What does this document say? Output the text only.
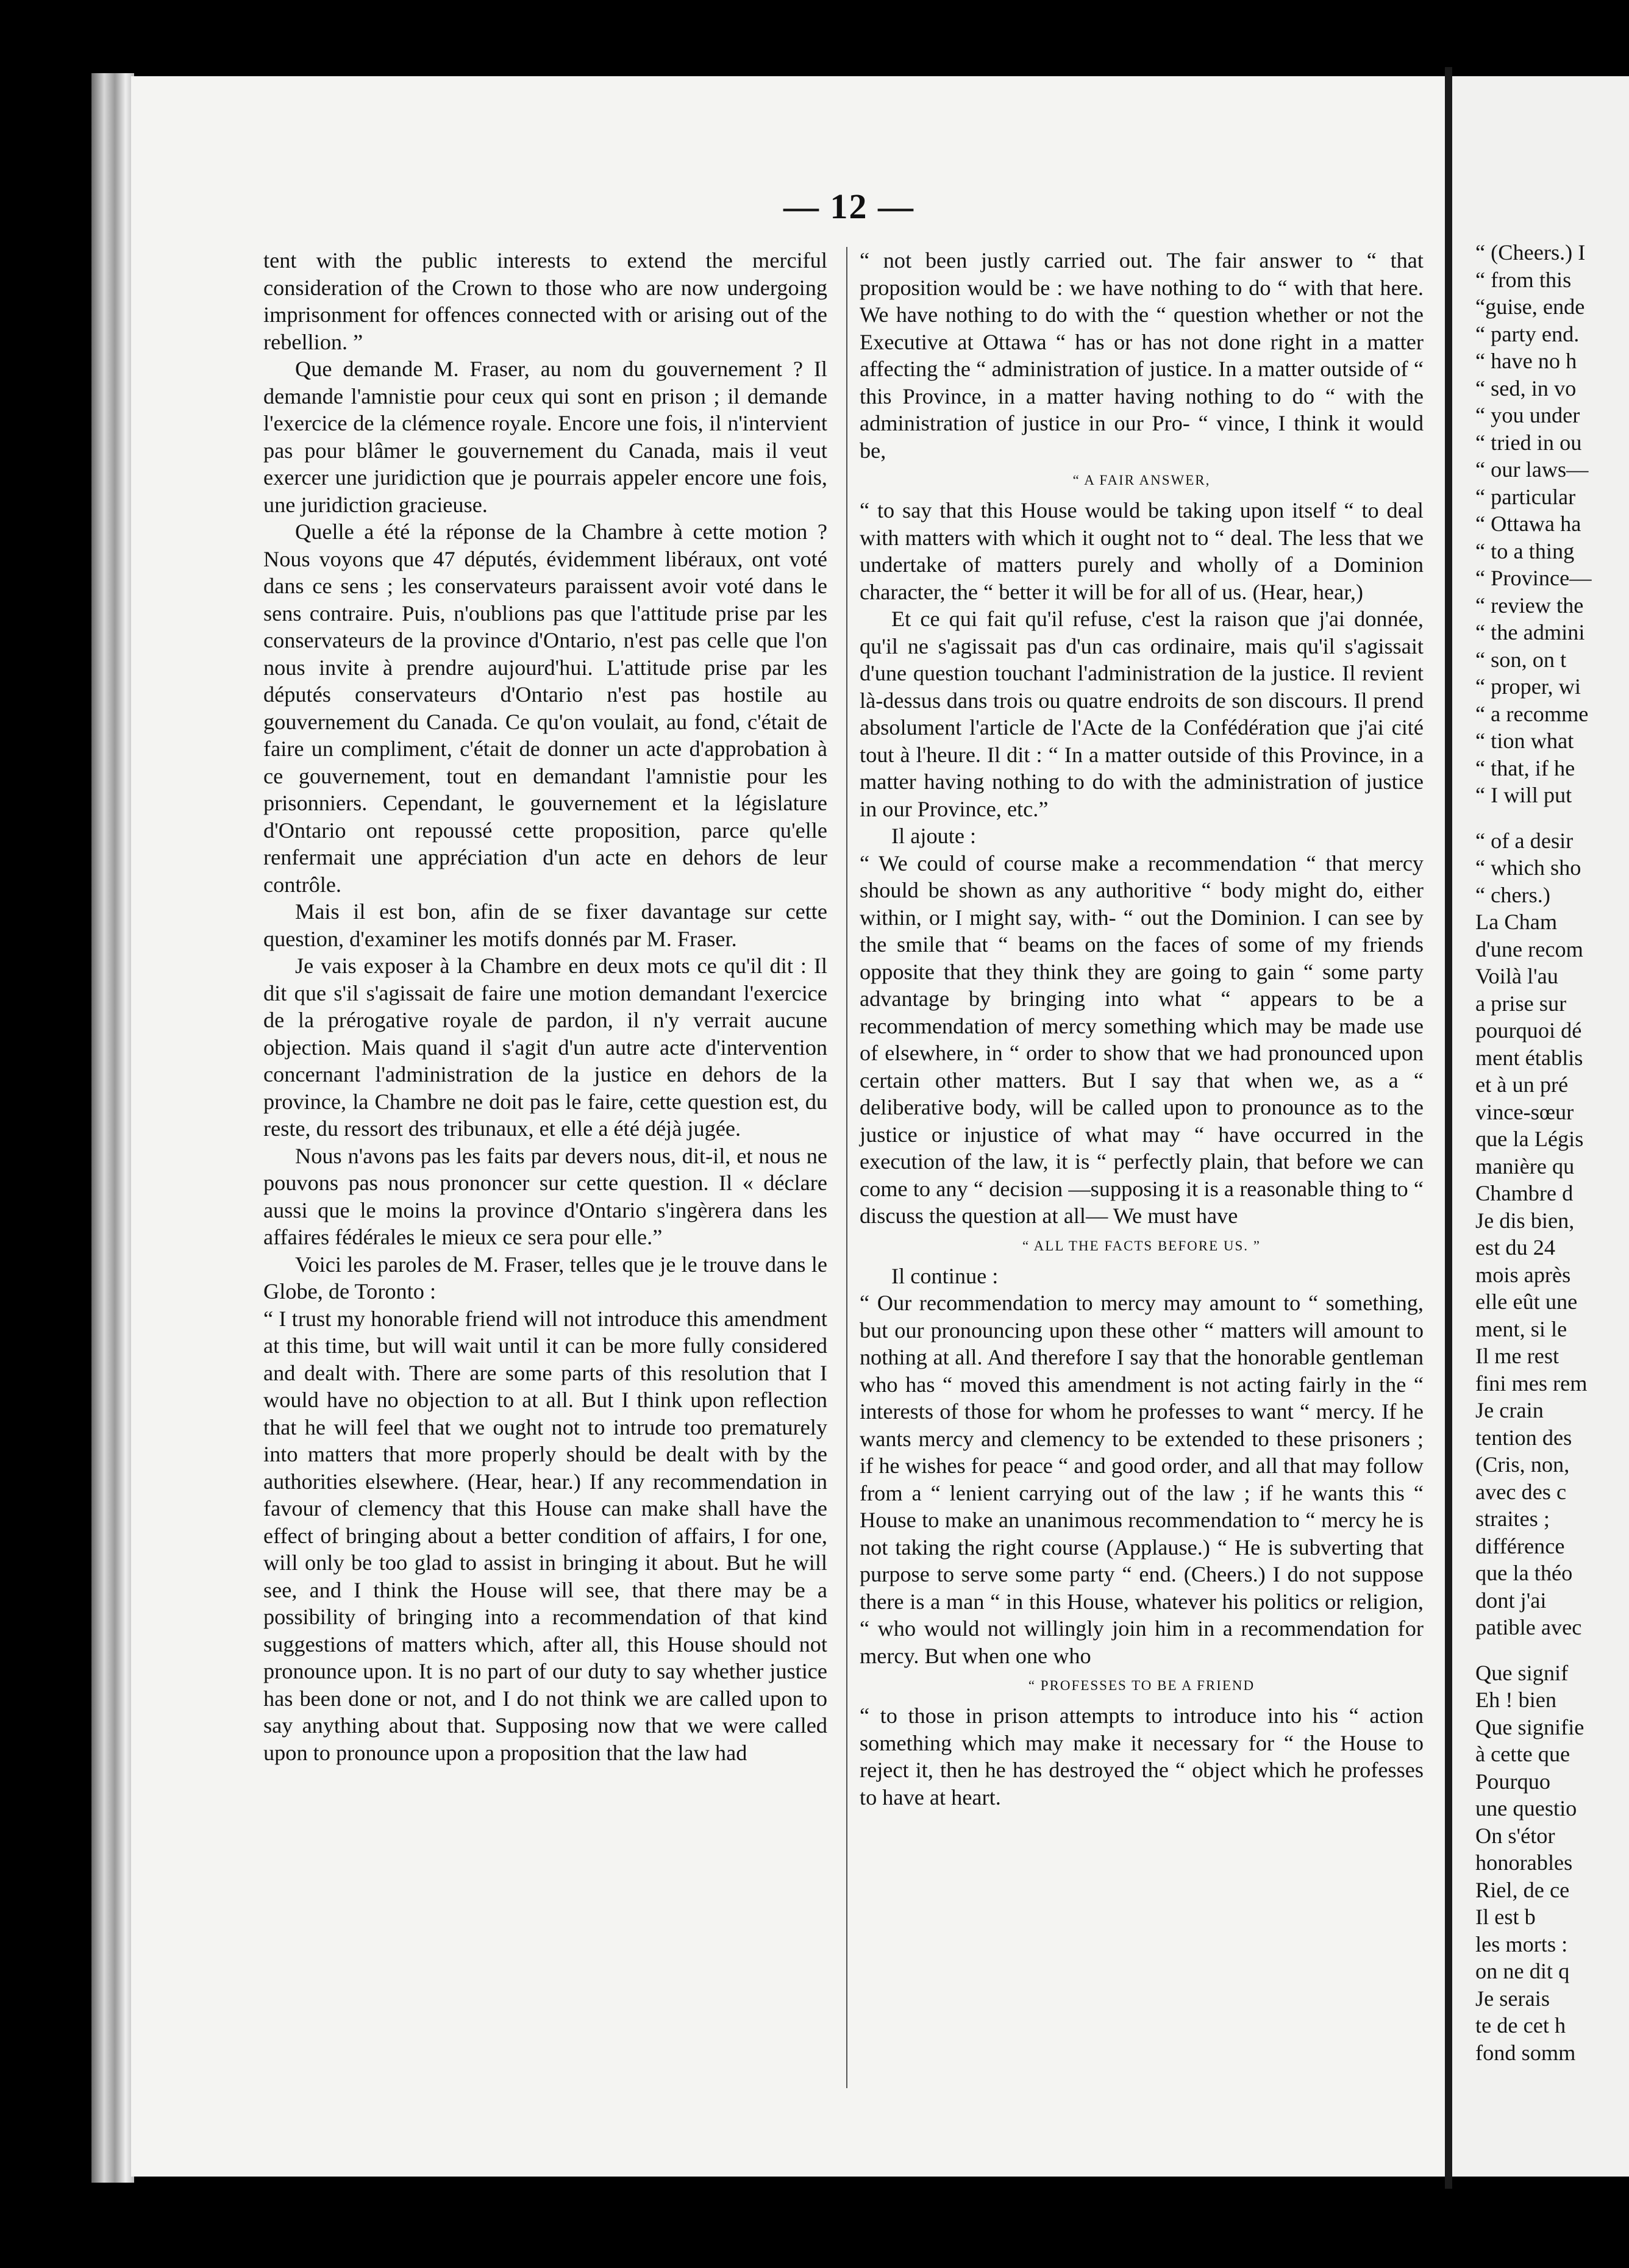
— 12 —

tent with the public interests to extend the merciful consideration of the Crown to those who are now undergoing imprisonment for offences connected with or arising out of the rebellion. ”

Que demande M. Fraser, au nom du gouvernement ? Il demande l'amnistie pour ceux qui sont en prison ; il demande l'exercice de la clémence royale. Encore une fois, il n'intervient pas pour blâmer le gouvernement du Canada, mais il veut exercer une juridiction que je pourrais appeler encore une fois, une juridiction gracieuse.

Quelle a été la réponse de la Chambre à cette motion ? Nous voyons que 47 députés, évidemment libéraux, ont voté dans ce sens ; les conservateurs paraissent avoir voté dans le sens contraire. Puis, n'oublions pas que l'attitude prise par les conservateurs de la province d'Ontario, n'est pas celle que l'on nous invite à prendre aujourd'hui. L'attitude prise par les députés conservateurs d'Ontario n'est pas hostile au gouvernement du Canada. Ce qu'on voulait, au fond, c'était de faire un compliment, c'était de donner un acte d'approbation à ce gouvernement, tout en demandant l'amnistie pour les prisonniers. Cependant, le gouvernement et la législature d'Ontario ont repoussé cette proposition, parce qu'elle renfermait une appréciation d'un acte en dehors de leur contrôle.

Mais il est bon, afin de se fixer davantage sur cette question, d'examiner les motifs donnés par M. Fraser.

Je vais exposer à la Chambre en deux mots ce qu'il dit : Il dit que s'il s'agissait de faire une motion demandant l'exercice de la prérogative royale de pardon, il n'y verrait aucune objection. Mais quand il s'agit d'un autre acte d'intervention concernant l'administration de la justice en dehors de la province, la Chambre ne doit pas le faire, cette question est, du reste, du ressort des tribunaux, et elle a été déjà jugée.

Nous n'avons pas les faits par devers nous, dit-il, et nous ne pouvons pas nous prononcer sur cette question. Il « déclare aussi que le moins la province d'Ontario s'ingèrera dans les affaires fédérales le mieux ce sera pour elle.”

Voici les paroles de M. Fraser, telles que je le trouve dans le Globe, de Toronto :

“ I trust my honorable friend will not introduce this amendment at this time, but will wait until it can be more fully considered and dealt with. There are some parts of this resolution that I would have no objection to at all. But I think upon reflection that he will feel that we ought not to intrude too prematurely into matters that more properly should be dealt with by the authorities elsewhere. (Hear, hear.) If any recommendation in favour of clemency that this House can make shall have the effect of bringing about a better condition of affairs, I for one, will only be too glad to assist in bringing it about. But he will see, and I think the House will see, that there may be a possibility of bringing into a recommendation of that kind suggestions of matters which, after all, this House should not pronounce upon. It is no part of our duty to say whether justice has been done or not, and I do not think we are called upon to say anything about that. Supposing now that we were called upon to pronounce upon a proposition that the law had

“ not been justly carried out. The fair answer to “ that proposition would be : we have nothing to do “ with that here. We have nothing to do with the “ question whether or not the Executive at Ottawa “ has or has not done right in a matter affecting the “ administration of justice. In a matter outside of “ this Province, in a matter having nothing to do “ with the administration of justice in our Pro- “ vince, I think it would be,

“ A FAIR ANSWER,

“ to say that this House would be taking upon itself “ to deal with matters with which it ought not to “ deal. The less that we undertake of matters purely and wholly of a Dominion character, the “ better it will be for all of us. (Hear, hear,)

Et ce qui fait qu'il refuse, c'est la raison que j'ai donnée, qu'il ne s'agissait pas d'un cas ordinaire, mais qu'il s'agissait d'une question touchant l'administration de la justice. Il revient là-dessus dans trois ou quatre endroits de son discours. Il prend absolument l'article de l'Acte de la Confédération que j'ai cité tout à l'heure. Il dit : “ In a matter outside of this Province, in a matter having nothing to do with the administration of justice in our Province, etc.”

Il ajoute :

“ We could of course make a recommendation “ that mercy should be shown as any authoritive “ body might do, either within, or I might say, with- “ out the Dominion. I can see by the smile that “ beams on the faces of some of my friends opposite that they think they are going to gain “ some party advantage by bringing into what “ appears to be a recommendation of mercy something which may be made use of elsewhere, in “ order to show that we had pronounced upon certain other matters. But I say that when we, as a “ deliberative body, will be called upon to pronounce as to the justice or injustice of what may “ have occurred in the execution of the law, it is “ perfectly plain, that before we can come to any “ decision —supposing it is a reasonable thing to “ discuss the question at all— We must have

“ ALL THE FACTS BEFORE US. ”

Il continue :

“ Our recommendation to mercy may amount to “ something, but our pronouncing upon these other “ matters will amount to nothing at all. And therefore I say that the honorable gentleman who has “ moved this amendment is not acting fairly in the “ interests of those for whom he professes to want “ mercy. If he wants mercy and clemency to be extended to these prisoners ; if he wishes for peace “ and good order, and all that may follow from a “ lenient carrying out of the law ; if he wants this “ House to make an unanimous recommendation to “ mercy he is not taking the right course (Applause.) “ He is subverting that purpose to serve some party “ end. (Cheers.) I do not suppose there is a man “ in this House, whatever his politics or religion, “ who would not willingly join him in a recommendation for mercy. But when one who

“ PROFESSES TO BE A FRIEND

“ to those in prison attempts to introduce into his “ action something which may make it necessary for “ the House to reject it, then he has destroyed the “ object which he professes to have at heart.

“ (Cheers.) I
“ from this
“guise, ende
“ party end.
“ have no h
“ sed, in vo
“ you under
“ tried in ou
“ our laws—
“ particular
“ Ottawa ha
“ to a thing
“ Province—
“ review the
“ the admini
“ son, on t
“ proper, wi
“ a recomme
“ tion what
“ that, if he
“ I will put
“ of a desir
“ which sho
“ chers.)
La Cham
d'une recom
Voilà l'au
a prise sur
pourquoi dé
ment établis
et à un pré
vince-sœur
que la Légis
manière qu
Chambre d
Je dis bien,
est du 24
mois après
elle eût une
ment, si le
Il me rest
fini mes rem
Je crain
tention des
(Cris, non,
avec des c
straites ;
différence
que la théo
dont j'ai
patible avec
Que signif
Eh ! bien
Que signifie
à cette que
Pourquo
une questio
On s'étor
honorables
Riel, de ce
Il est b
les morts :
on ne dit q
Je serais
te de cet h
fond somm
